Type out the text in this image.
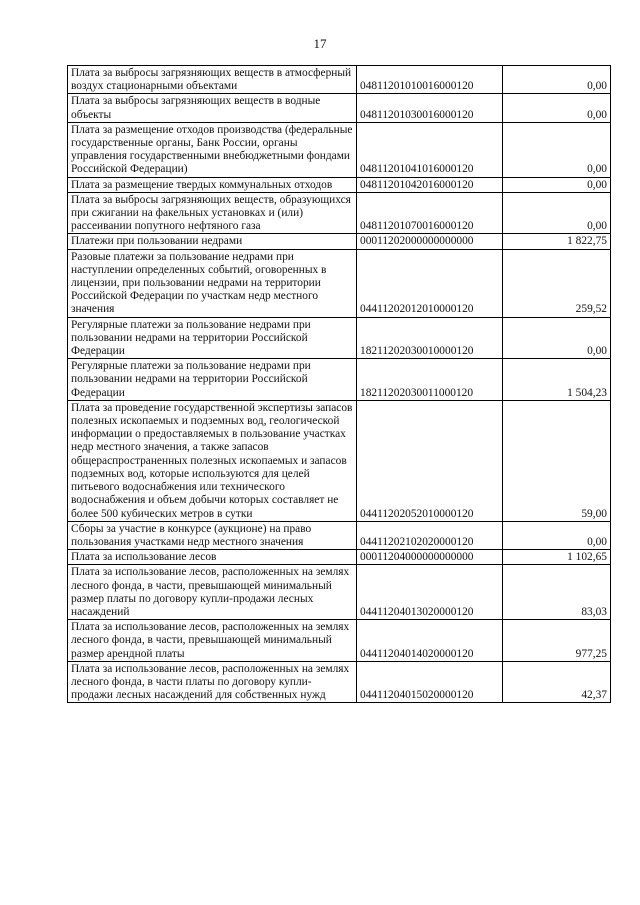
17
Плата за выбросы загрязняющих веществ в атмосферный воздух стационарными объектами	04811201010016000120	0,00
Плата за выбросы загрязняющих веществ в водные объекты	04811201030016000120	0,00
Плата за размещение отходов производства (федеральные государственные органы, Банк России, органы управления государственными внебюджетными фондами Российской Федерации)	04811201041016000120	0,00
Плата за размещение твердых коммунальных отходов	04811201042016000120	0,00
Плата за выбросы загрязняющих веществ, образующихся при сжигании на факельных установках и (или) рассеивании попутного нефтяного газа	04811201070016000120	0,00
Платежи при пользовании недрами	00011202000000000000	1 822,75
Разовые платежи за пользование недрами при наступлении определенных событий, оговоренных в лицензии, при пользовании недрами на территории Российской Федерации по участкам недр местного значения	04411202012010000120	259,52
Регулярные платежи за пользование недрами при пользовании недрами на территории Российской Федерации	18211202030010000120	0,00
Регулярные платежи за пользование недрами при пользовании недрами на территории Российской Федерации	18211202030011000120	1 504,23
Плата за проведение государственной экспертизы запасов полезных ископаемых и подземных вод, геологической информации о предоставляемых в пользование участках недр местного значения, а также запасов общераспространенных полезных ископаемых и запасов подземных вод, которые используются для целей питьевого водоснабжения или технического водоснабжения и объем добычи которых составляет не более 500 кубических метров в сутки	04411202052010000120	59,00
Сборы за участие в конкурсе (аукционе) на право пользования участками недр местного значения	04411202102020000120	0,00
Плата за использование лесов	00011204000000000000	1 102,65
Плата за использование лесов, расположенных на землях лесного фонда, в части, превышающей минимальный размер платы по договору купли-продажи лесных насаждений	04411204013020000120	83,03
Плата за использование лесов, расположенных на землях лесного фонда, в части, превышающей минимальный размер арендной платы	04411204014020000120	977,25
Плата за использование лесов, расположенных на землях лесного фонда, в части платы по договору купли-продажи лесных насаждений для собственных нужд	04411204015020000120	42,37
